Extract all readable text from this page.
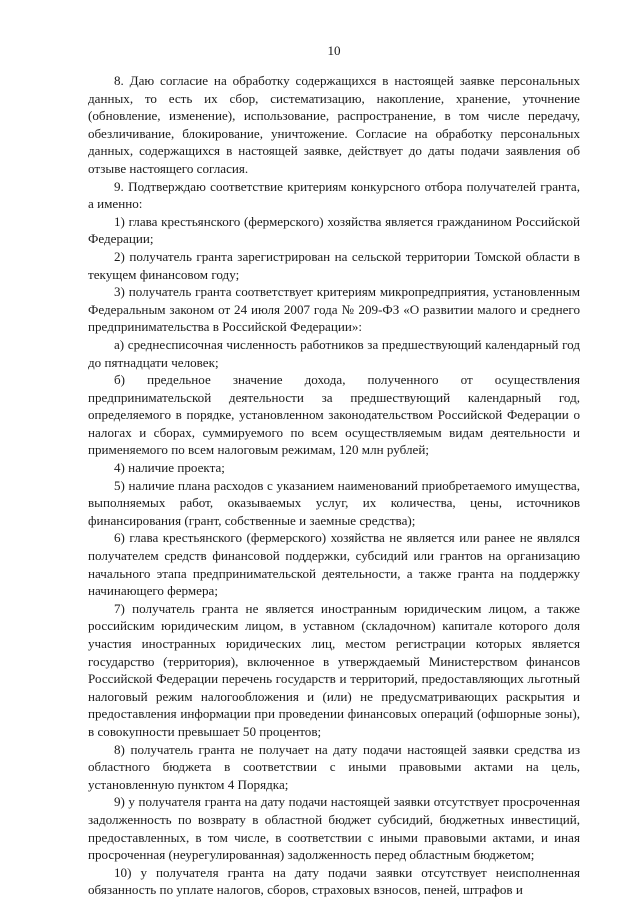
10

8. Даю согласие на обработку содержащихся в настоящей заявке персональных данных, то есть их сбор, систематизацию, накопление, хранение, уточнение (обновление, изменение), использование, распространение, в том числе передачу, обезличивание, блокирование, уничтожение. Согласие на обработку персональных данных, содержащихся в настоящей заявке, действует до даты подачи заявления об отзыве настоящего согласия.

9. Подтверждаю соответствие критериям конкурсного отбора получателей гранта, а именно:

1) глава крестьянского (фермерского) хозяйства является гражданином Российской Федерации;

2) получатель гранта зарегистрирован на сельской территории Томской области в текущем финансовом году;

3) получатель гранта соответствует критериям микропредприятия, установленным Федеральным законом от 24 июля 2007 года № 209-ФЗ «О развитии малого и среднего предпринимательства в Российской Федерации»:

а) среднесписочная численность работников за предшествующий календарный год до пятнадцати человек;

б) предельное значение дохода, полученного от осуществления предпринимательской деятельности за предшествующий календарный год, определяемого в порядке, установленном законодательством Российской Федерации о налогах и сборах, суммируемого по всем осуществляемым видам деятельности и применяемого по всем налоговым режимам, 120 млн рублей;

4) наличие проекта;

5) наличие плана расходов с указанием наименований приобретаемого имущества, выполняемых работ, оказываемых услуг, их количества, цены, источников финансирования (грант, собственные и заемные средства);

6) глава крестьянского (фермерского) хозяйства не является или ранее не являлся получателем средств финансовой поддержки, субсидий или грантов на организацию начального этапа предпринимательской деятельности, а также гранта на поддержку начинающего фермера;

7) получатель гранта не является иностранным юридическим лицом, а также российским юридическим лицом, в уставном (складочном) капитале которого доля участия иностранных юридических лиц, местом регистрации которых является государство (территория), включенное в утверждаемый Министерством финансов Российской Федерации перечень государств и территорий, предоставляющих льготный налоговый режим налогообложения и (или) не предусматривающих раскрытия и предоставления информации при проведении финансовых операций (офшорные зоны), в совокупности превышает 50 процентов;

8) получатель гранта не получает на дату подачи настоящей заявки средства из областного бюджета в соответствии с иными правовыми актами на цель, установленную пунктом 4 Порядка;

9) у получателя гранта на дату подачи настоящей заявки отсутствует просроченная задолженность по возврату в областной бюджет субсидий, бюджетных инвестиций, предоставленных, в том числе, в соответствии с иными правовыми актами, и иная просроченная (неурегулированная) задолженность перед областным бюджетом;

10) у получателя гранта на дату подачи заявки отсутствует неисполненная обязанность по уплате налогов, сборов, страховых взносов, пеней, штрафов и
